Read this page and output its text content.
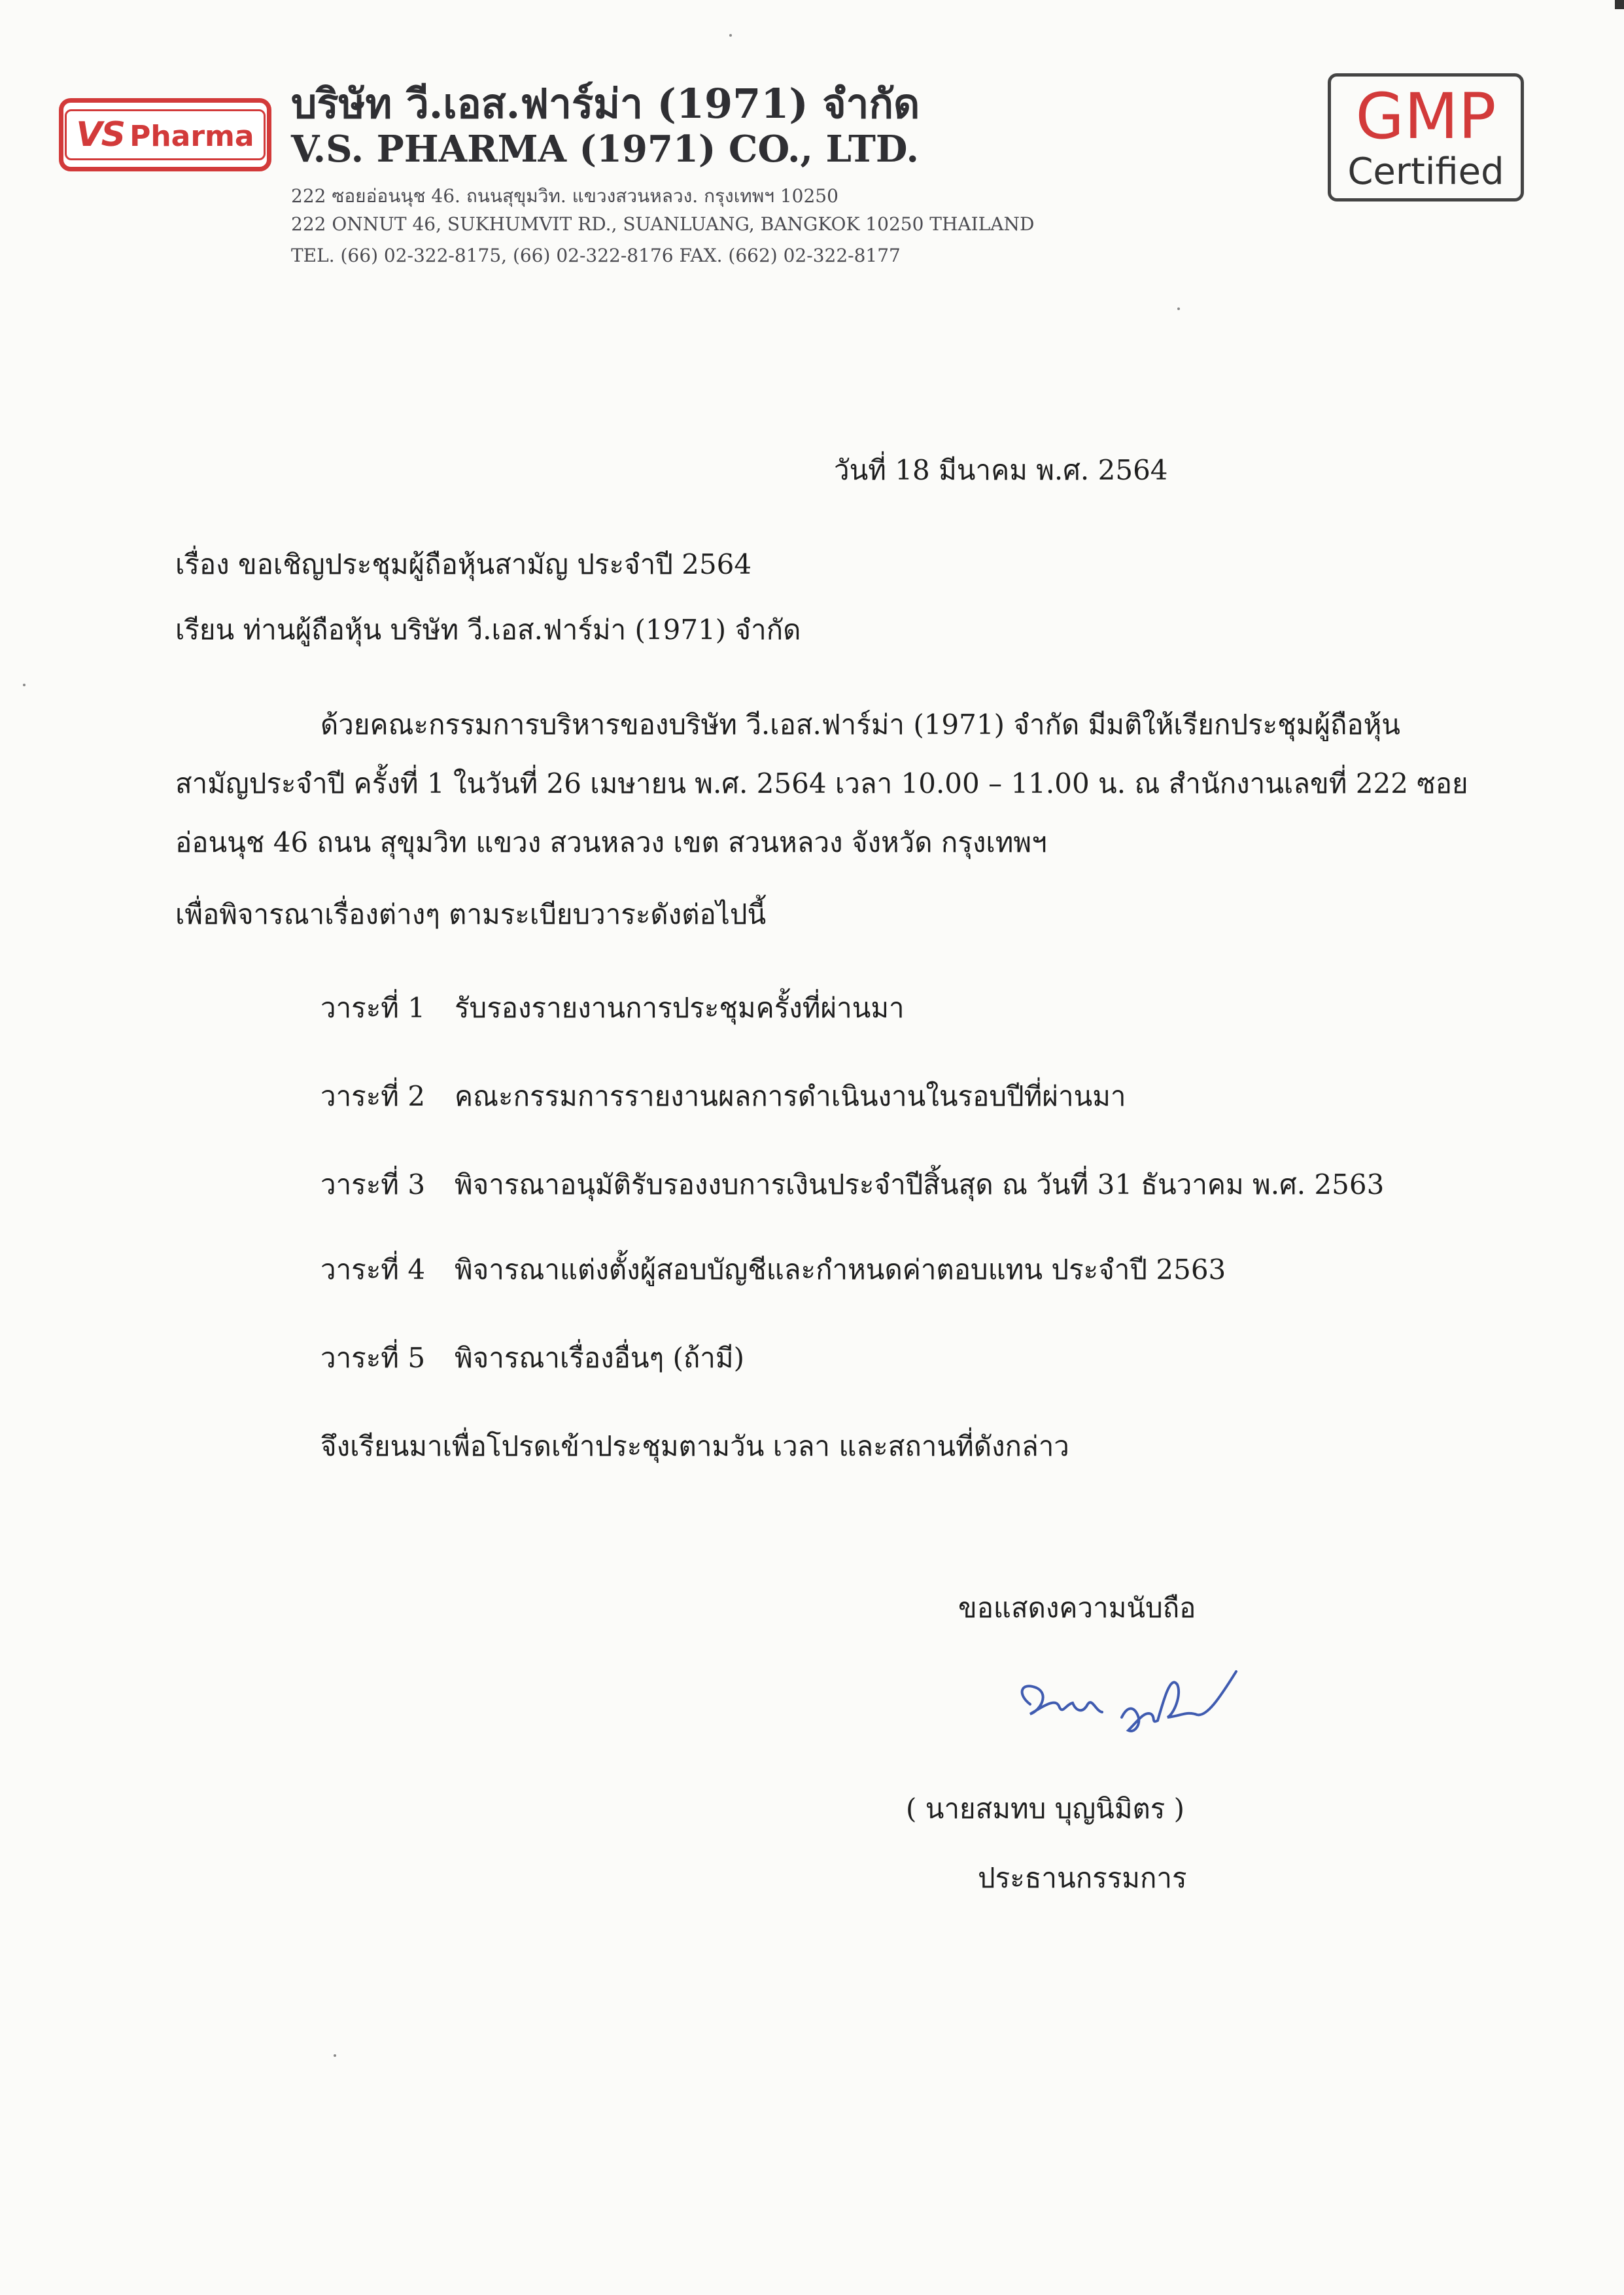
VS Pharma
บริษัท วี.เอส.ฟาร์ม่า (1971) จำกัด
V.S. PHARMA (1971) CO., LTD.
222 ซอยอ่อนนุช 46. ถนนสุขุมวิท. แขวงสวนหลวง. กรุงเทพฯ 10250
222 ONNUT 46, SUKHUMVIT RD., SUANLUANG, BANGKOK 10250 THAILAND
TEL. (66) 02-322-8175, (66) 02-322-8176 FAX. (662) 02-322-8177
GMP
Certified
วันที่ 18 มีนาคม พ.ศ. 2564
เรื่อง ขอเชิญประชุมผู้ถือหุ้นสามัญ ประจำปี 2564
เรียน ท่านผู้ถือหุ้น บริษัท วี.เอส.ฟาร์ม่า (1971) จำกัด
ด้วยคณะกรรมการบริหารของบริษัท วี.เอส.ฟาร์ม่า (1971) จำกัด มีมติให้เรียกประชุมผู้ถือหุ้น
สามัญประจำปี ครั้งที่ 1 ในวันที่ 26 เมษายน พ.ศ. 2564 เวลา 10.00 – 11.00 น. ณ สำนักงานเลขที่ 222 ซอย
อ่อนนุช 46 ถนน สุขุมวิท แขวง สวนหลวง เขต สวนหลวง จังหวัด กรุงเทพฯ
เพื่อพิจารณาเรื่องต่างๆ ตามระเบียบวาระดังต่อไปนี้
วาระที่ 1 รับรองรายงานการประชุมครั้งที่ผ่านมา
วาระที่ 2 คณะกรรมการรายงานผลการดำเนินงานในรอบปีที่ผ่านมา
วาระที่ 3 พิจารณาอนุมัติรับรองงบการเงินประจำปีสิ้นสุด ณ วันที่ 31 ธันวาคม พ.ศ. 2563
วาระที่ 4 พิจารณาแต่งตั้งผู้สอบบัญชีและกำหนดค่าตอบแทน ประจำปี 2563
วาระที่ 5 พิจารณาเรื่องอื่นๆ (ถ้ามี)
จึงเรียนมาเพื่อโปรดเข้าประชุมตามวัน เวลา และสถานที่ดังกล่าว
ขอแสดงความนับถือ
( นายสมทบ บุญนิมิตร )
ประธานกรรมการ
